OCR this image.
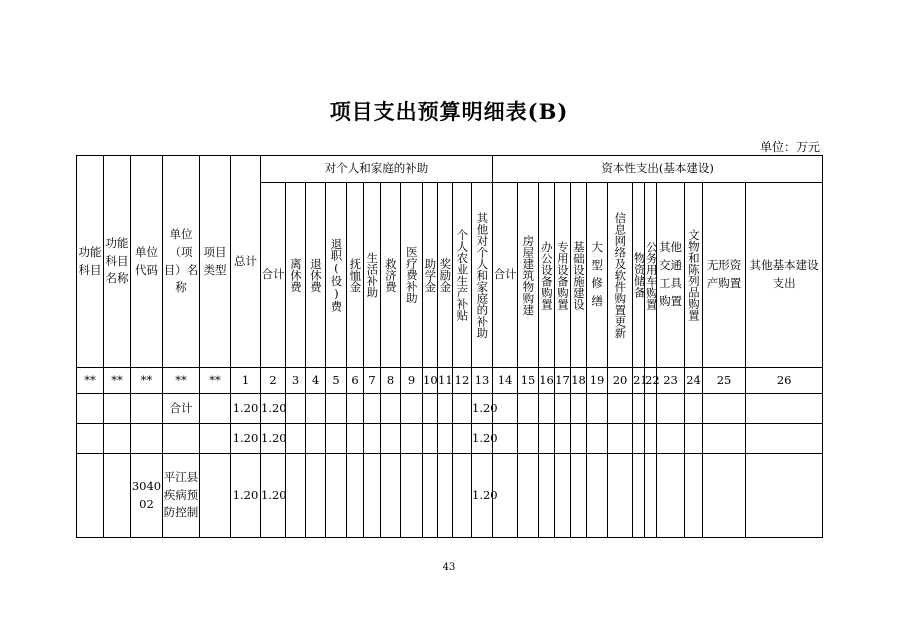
项目支出预算明细表(B)
单位：万元
功能科目	功能科目名称	单位代码	单位（项目）名称	项目类型	总计	对个人和家庭的补助												资本性支出(基本建设)												
						合计	离休费	退休费	退职(役)费	抚恤金	生活补助	救济费	医疗费补助	助学金	奖励金	个人农业生产补贴	其他对个人和家庭的补助	合计	房屋建筑物购建	办公设备购置	专用设备购置	基础设施建设	大型修缮	信息网络及软件购置更新	物资储备	公务用车购置	其他交通工具购置	文物和陈列品购置	无形资产购置	其他基本建设支出
**	**	**	**	**	1	2	3	4	5	6	7	8	9	10	11	12	13	14	15	16	17	18	19	20	21	22	23	24	25	26
			合计		1.20	1.20											1.20													
					1.20	1.20											1.20													
		304002	平江县疾病预防控制		1.20	1.20											1.20													
43
